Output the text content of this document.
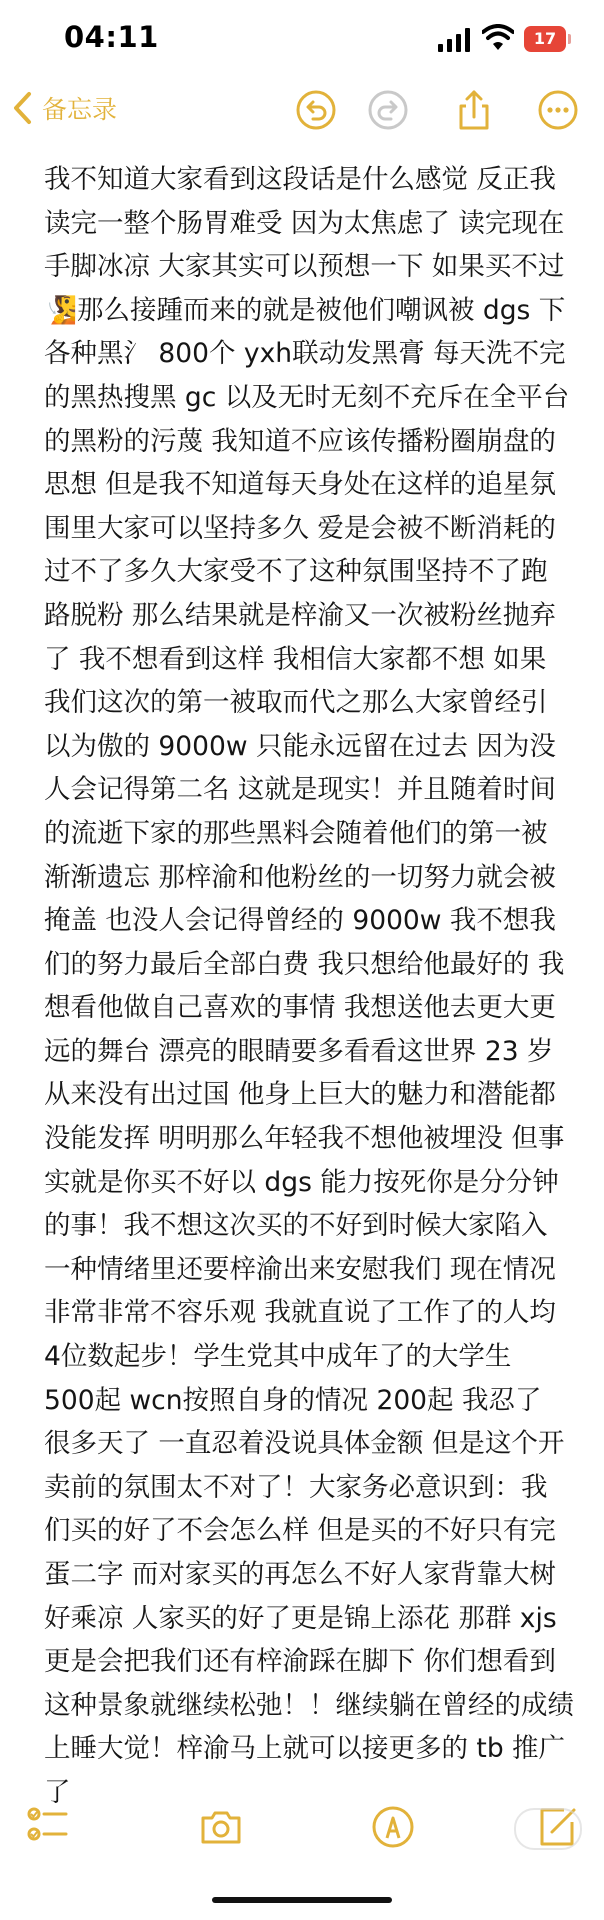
04:11	17
备忘录
我不知道大家看到这段话是什么感觉 反正我
读完一整个肠胃难受 因为太焦虑了 读完现在
手脚冰凉 大家其实可以预想一下 如果买不过
🧏那么接踵而来的就是被他们嘲讽被 dgs 下
各种黑氵 800个 yxh联动发黑膏 每天洗不完
的黑热搜黑 gc 以及无时无刻不充斥在全平台
的黑粉的污蔑 我知道不应该传播粉圈崩盘的
思想 但是我不知道每天身处在这样的追星氛
围里大家可以坚持多久 爱是会被不断消耗的
过不了多久大家受不了这种氛围坚持不了跑
路脱粉 那么结果就是梓渝又一次被粉丝抛弃
了 我不想看到这样 我相信大家都不想 如果
我们这次的第一被取而代之那么大家曾经引
以为傲的 9000w 只能永远留在过去 因为没
人会记得第二名 这就是现实！并且随着时间
的流逝下家的那些黑料会随着他们的第一被
渐渐遗忘 那梓渝和他粉丝的一切努力就会被
掩盖 也没人会记得曾经的 9000w 我不想我
们的努力最后全部白费 我只想给他最好的 我
想看他做自己喜欢的事情 我想送他去更大更
远的舞台 漂亮的眼睛要多看看这世界 23 岁
从来没有出过国 他身上巨大的魅力和潜能都
没能发挥 明明那么年轻我不想他被埋没 但事
实就是你买不好以 dgs 能力按死你是分分钟
的事！我不想这次买的不好到时候大家陷入
一种情绪里还要梓渝出来安慰我们 现在情况
非常非常不容乐观 我就直说了工作了的人均
4位数起步！学生党其中成年了的大学生
500起 wcn按照自身的情况 200起 我忍了
很多天了 一直忍着没说具体金额 但是这个开
卖前的氛围太不对了！大家务必意识到：我
们买的好了不会怎么样 但是买的不好只有完
蛋二字 而对家买的再怎么不好人家背靠大树
好乘凉 人家买的好了更是锦上添花 那群 xjs
更是会把我们还有梓渝踩在脚下 你们想看到
这种景象就继续松弛！！继续躺在曾经的成绩
上睡大觉！梓渝马上就可以接更多的 tb 推广
了
